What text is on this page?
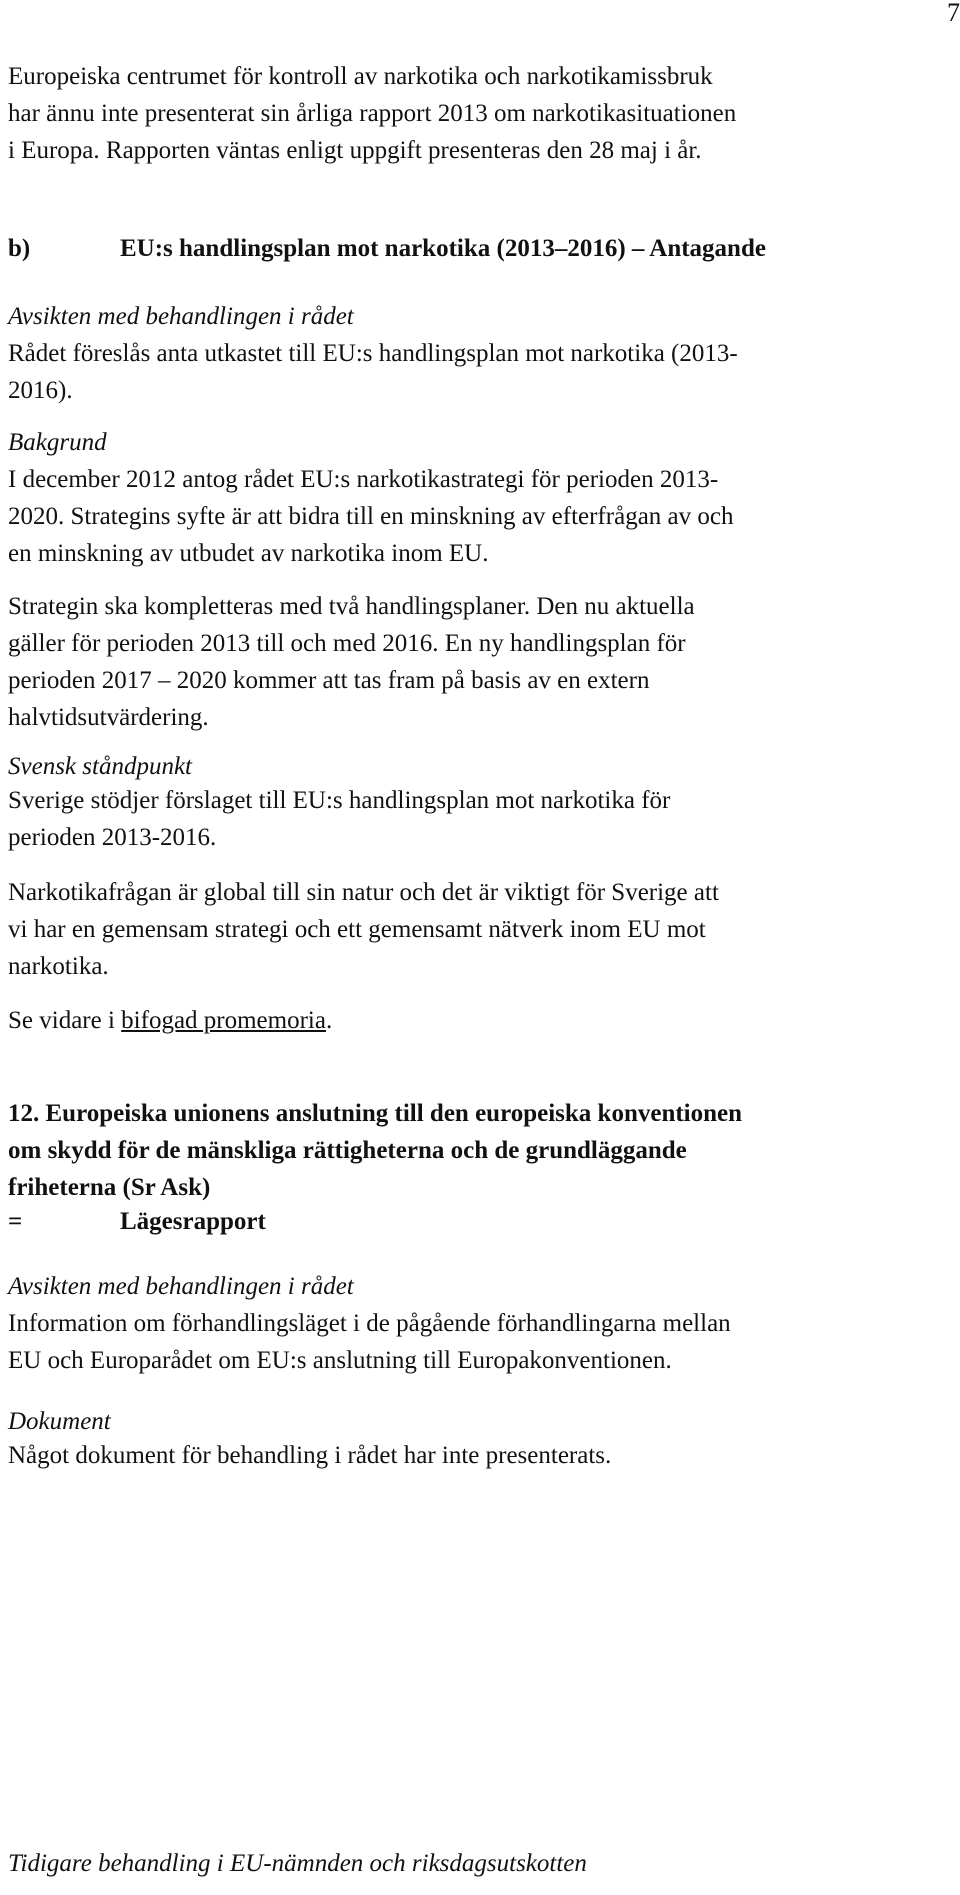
7
Europeiska centrumet för kontroll av narkotika och narkotikamissbruk
har ännu inte presenterat sin årliga rapport 2013 om narkotikasituationen
i Europa. Rapporten väntas enligt uppgift presenteras den 28 maj i år.
b)	EU:s handlingsplan mot narkotika (2013–2016) – Antagande
Avsikten med behandlingen i rådet
Rådet föreslås anta utkastet till EU:s handlingsplan mot narkotika (2013-
2016).
Bakgrund
I december 2012 antog rådet EU:s narkotikastrategi för perioden 2013-
2020. Strategins syfte är att bidra till en minskning av efterfrågan av och
en minskning av utbudet av narkotika inom EU.
Strategin ska kompletteras med två handlingsplaner. Den nu aktuella
gäller för perioden 2013 till och med 2016. En ny handlingsplan för
perioden 2017 – 2020 kommer att tas fram på basis av en extern
halvtidsutvärdering.
Svensk ståndpunkt
Sverige stödjer förslaget till EU:s handlingsplan mot narkotika för
perioden 2013-2016.
Narkotikafrågan är global till sin natur och det är viktigt för Sverige att
vi har en gemensam strategi och ett gemensamt nätverk inom EU mot
narkotika.
Se vidare i bifogad promemoria.
12. Europeiska unionens anslutning till den europeiska konventionen
om skydd för de mänskliga rättigheterna och de grundläggande
friheterna (Sr Ask)
=	Lägesrapport
Avsikten med behandlingen i rådet
Information om förhandlingsläget i de pågående förhandlingarna mellan
EU och Europarådet om EU:s anslutning till Europakonventionen.
Dokument
Något dokument för behandling i rådet har inte presenterats.
Tidigare behandling i EU-nämnden och riksdagsutskotten
